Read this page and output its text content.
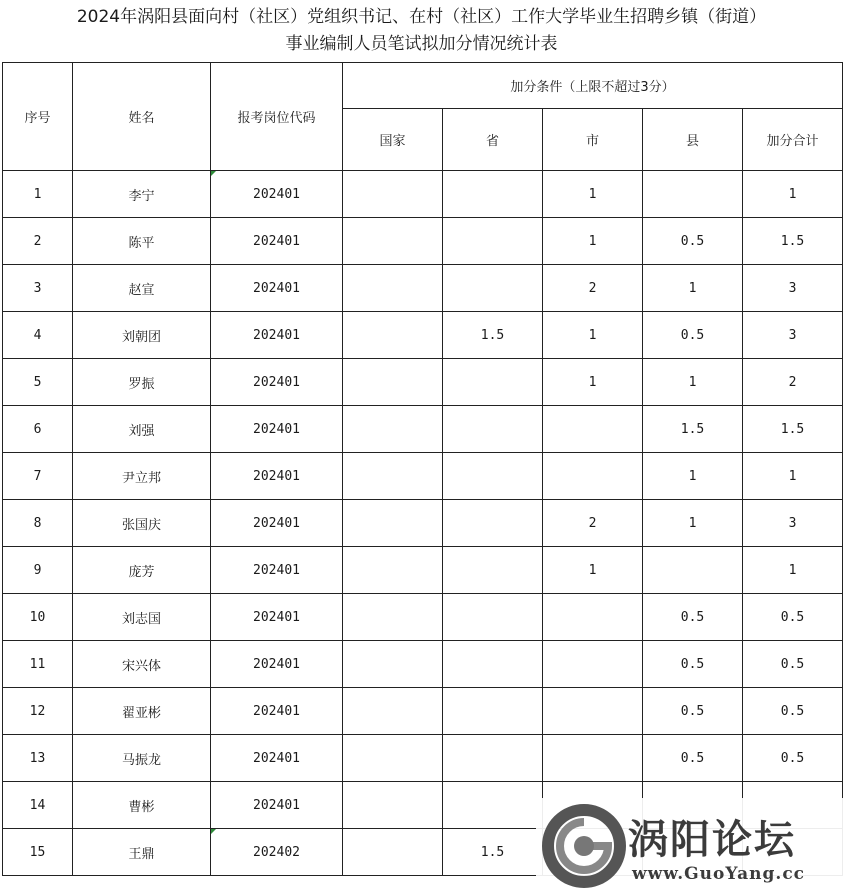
2024年涡阳县面向村（社区）党组织书记、在村（社区）工作大学毕业生招聘乡镇（街道）
事业编制人员笔试拟加分情况统计表
序号	姓名	报考岗位代码	加分条件（上限不超过3分）				
			国家	省	市	县	加分合计
1	李宁	202401			1		1
2	陈平	202401			1	0.5	1.5
3	赵宣	202401			2	1	3
4	刘朝团	202401		1.5	1	0.5	3
5	罗振	202401			1	1	2
6	刘强	202401				1.5	1.5
7	尹立邦	202401				1	1
8	张国庆	202401			2	1	3
9	庞芳	202401			1		1
10	刘志国	202401				0.5	0.5
11	宋兴体	202401				0.5	0.5
12	翟亚彬	202401				0.5	0.5
13	马振龙	202401				0.5	0.5
14	曹彬	202401					
15	王鼎	202402		1.5				涡阳论坛
www.GuoYang.cc
